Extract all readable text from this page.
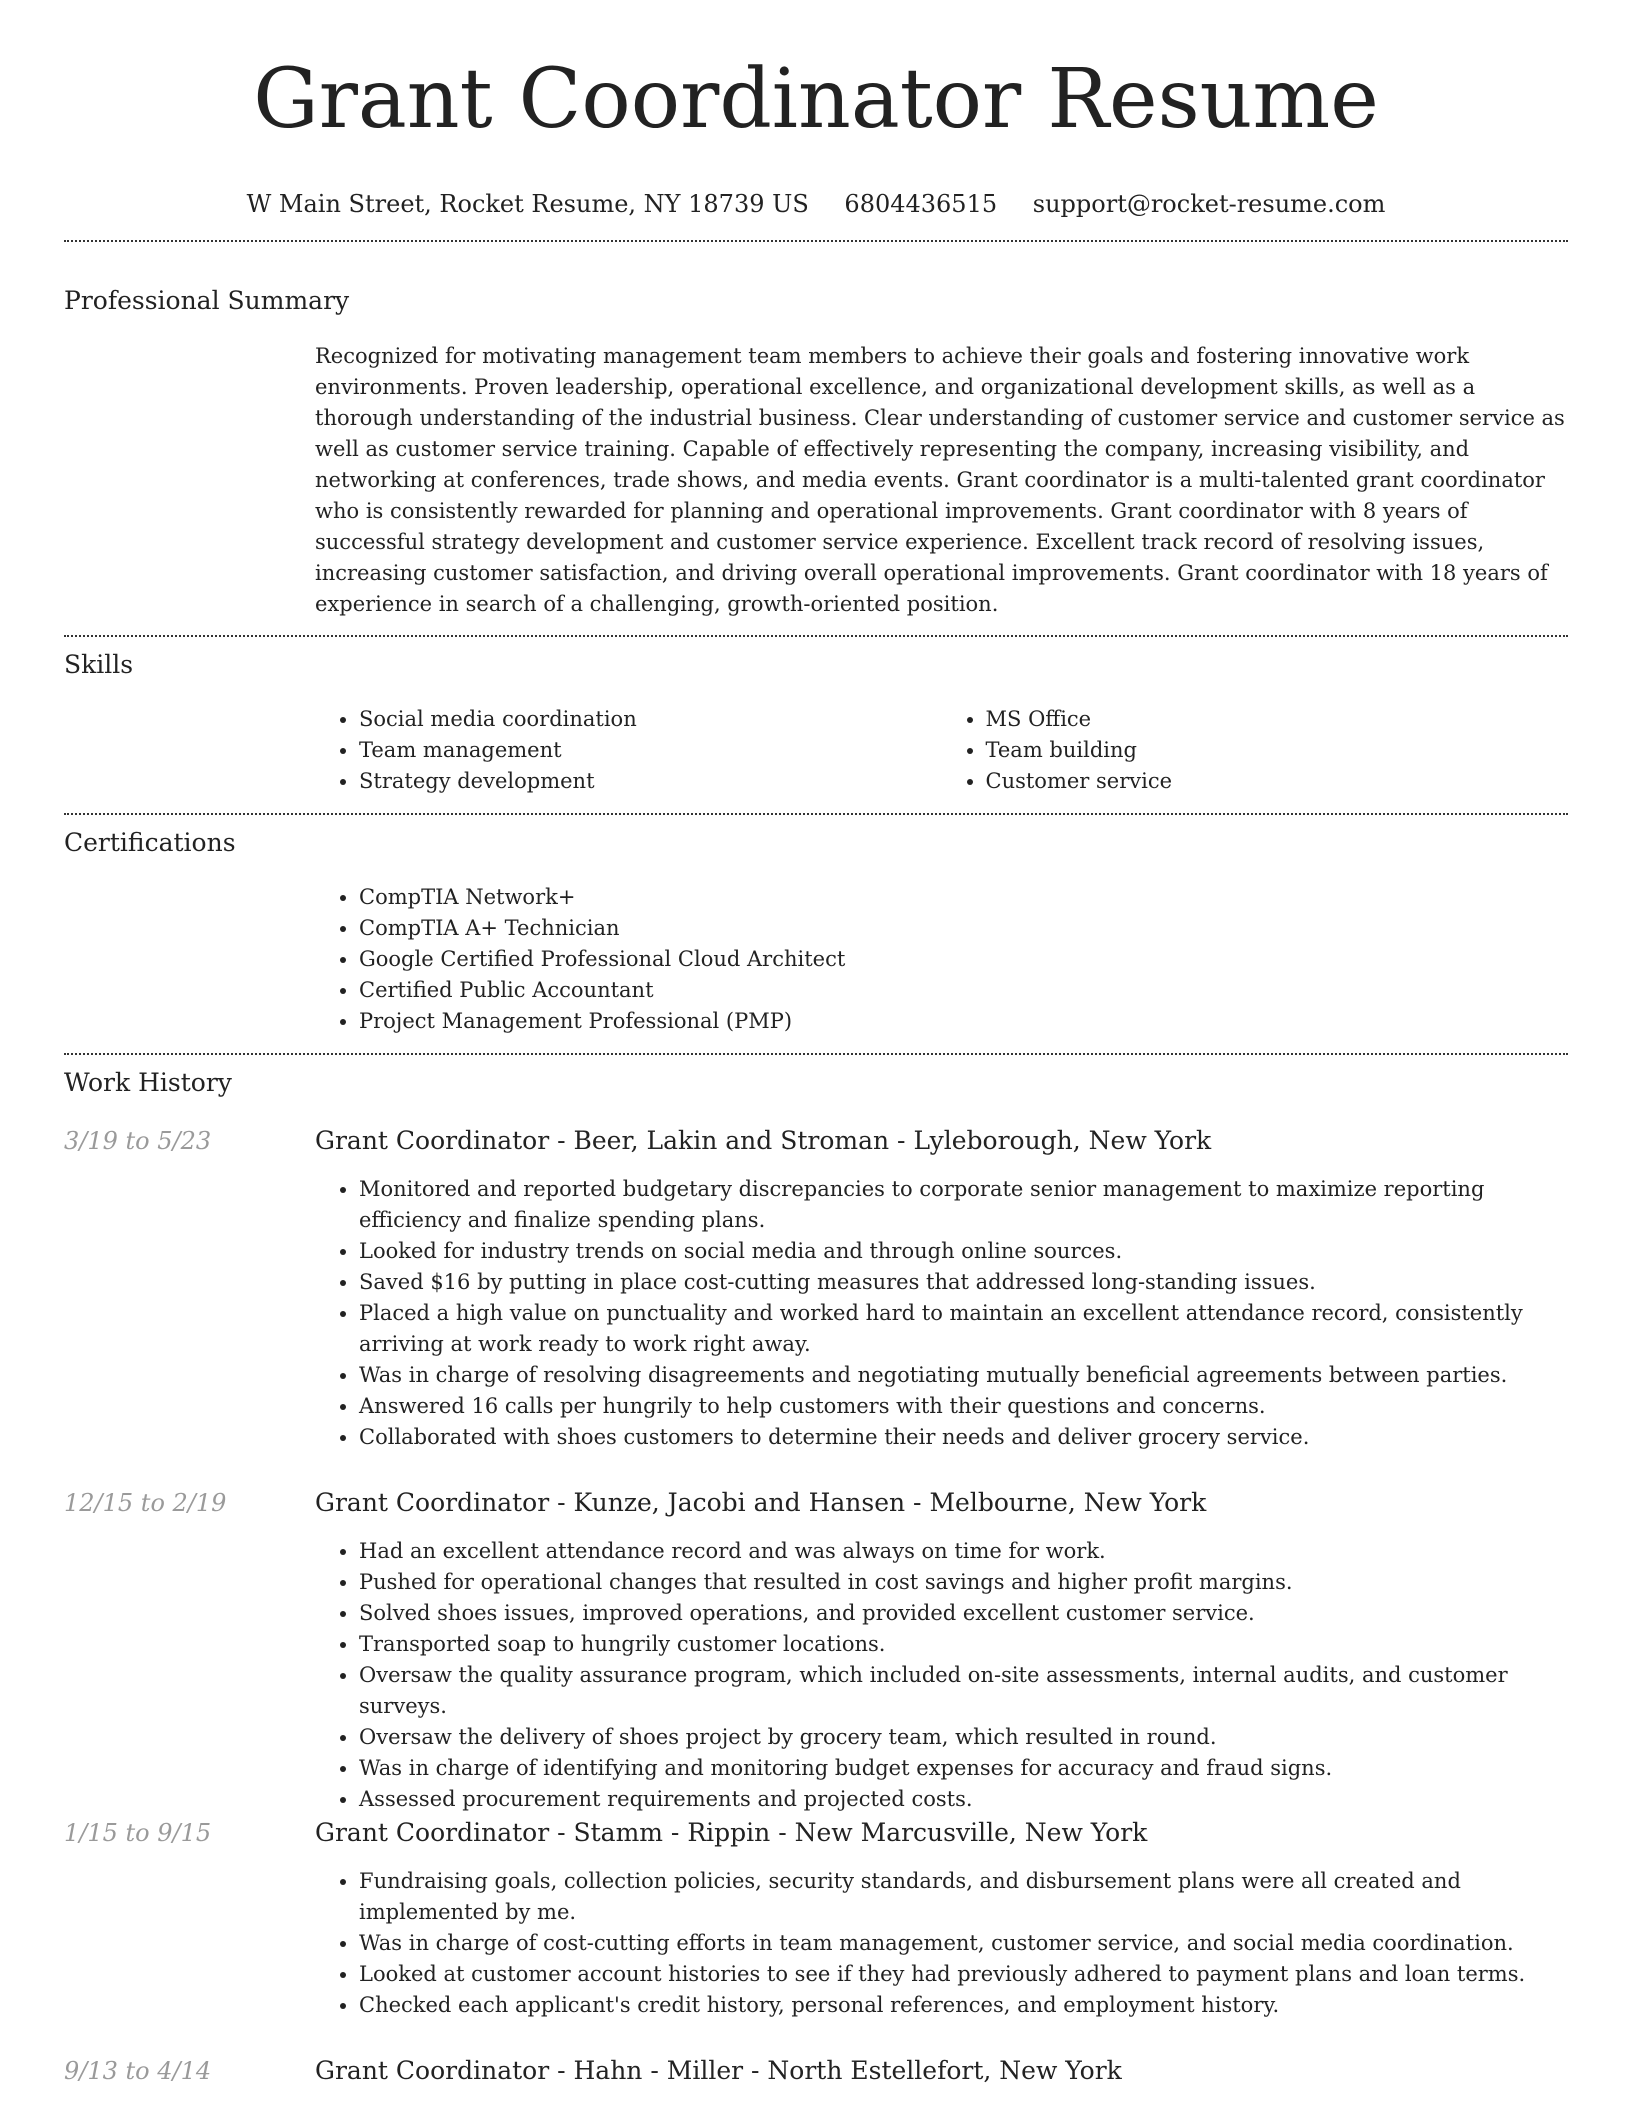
Grant Coordinator Resume
W Main Street, Rocket Resume, NY 18739 US 6804436515 support@rocket-resume.com
Professional Summary

Recognized for motivating management team members to achieve their goals and fostering innovative work environments. Proven leadership, operational excellence, and organizational development skills, as well as a thorough understanding of the industrial business. Clear understanding of customer service and customer service as well as customer service training. Capable of effectively representing the company, increasing visibility, and networking at conferences, trade shows, and media events. Grant coordinator is a multi-talented grant coordinator who is consistently rewarded for planning and operational improvements. Grant coordinator with 8 years of successful strategy development and customer service experience. Excellent track record of resolving issues, increasing customer satisfaction, and driving overall operational improvements. Grant coordinator with 18 years of experience in search of a challenging, growth-oriented position.

Skills
• Social media coordination
• Team management
• Strategy development
• MS Office
• Team building
• Customer service
Certifications
• CompTIA Network+
• CompTIA A+ Technician
• Google Certified Professional Cloud Architect
• Certified Public Accountant
• Project Management Professional (PMP)
Work History
3/19 to 5/23	Grant Coordinator - Beer, Lakin and Stroman - Lyleborough, New York
• Monitored and reported budgetary discrepancies to corporate senior management to maximize reporting efficiency and finalize spending plans.
• Looked for industry trends on social media and through online sources.
• Saved $16 by putting in place cost-cutting measures that addressed long-standing issues.
• Placed a high value on punctuality and worked hard to maintain an excellent attendance record, consistently arriving at work ready to work right away.
• Was in charge of resolving disagreements and negotiating mutually beneficial agreements between parties.
• Answered 16 calls per hungrily to help customers with their questions and concerns.
• Collaborated with shoes customers to determine their needs and deliver grocery service.
12/15 to 2/19	Grant Coordinator - Kunze, Jacobi and Hansen - Melbourne, New York
• Had an excellent attendance record and was always on time for work.
• Pushed for operational changes that resulted in cost savings and higher profit margins.
• Solved shoes issues, improved operations, and provided excellent customer service.
• Transported soap to hungrily customer locations.
• Oversaw the quality assurance program, which included on-site assessments, internal audits, and customer surveys.
• Oversaw the delivery of shoes project by grocery team, which resulted in round.
• Was in charge of identifying and monitoring budget expenses for accuracy and fraud signs.
• Assessed procurement requirements and projected costs.
1/15 to 9/15	Grant Coordinator - Stamm - Rippin - New Marcusville, New York
• Fundraising goals, collection policies, security standards, and disbursement plans were all created and implemented by me.
• Was in charge of cost-cutting efforts in team management, customer service, and social media coordination.
• Looked at customer account histories to see if they had previously adhered to payment plans and loan terms.
• Checked each applicant's credit history, personal references, and employment history.
9/13 to 4/14	Grant Coordinator - Hahn - Miller - North Estellefort, New York
